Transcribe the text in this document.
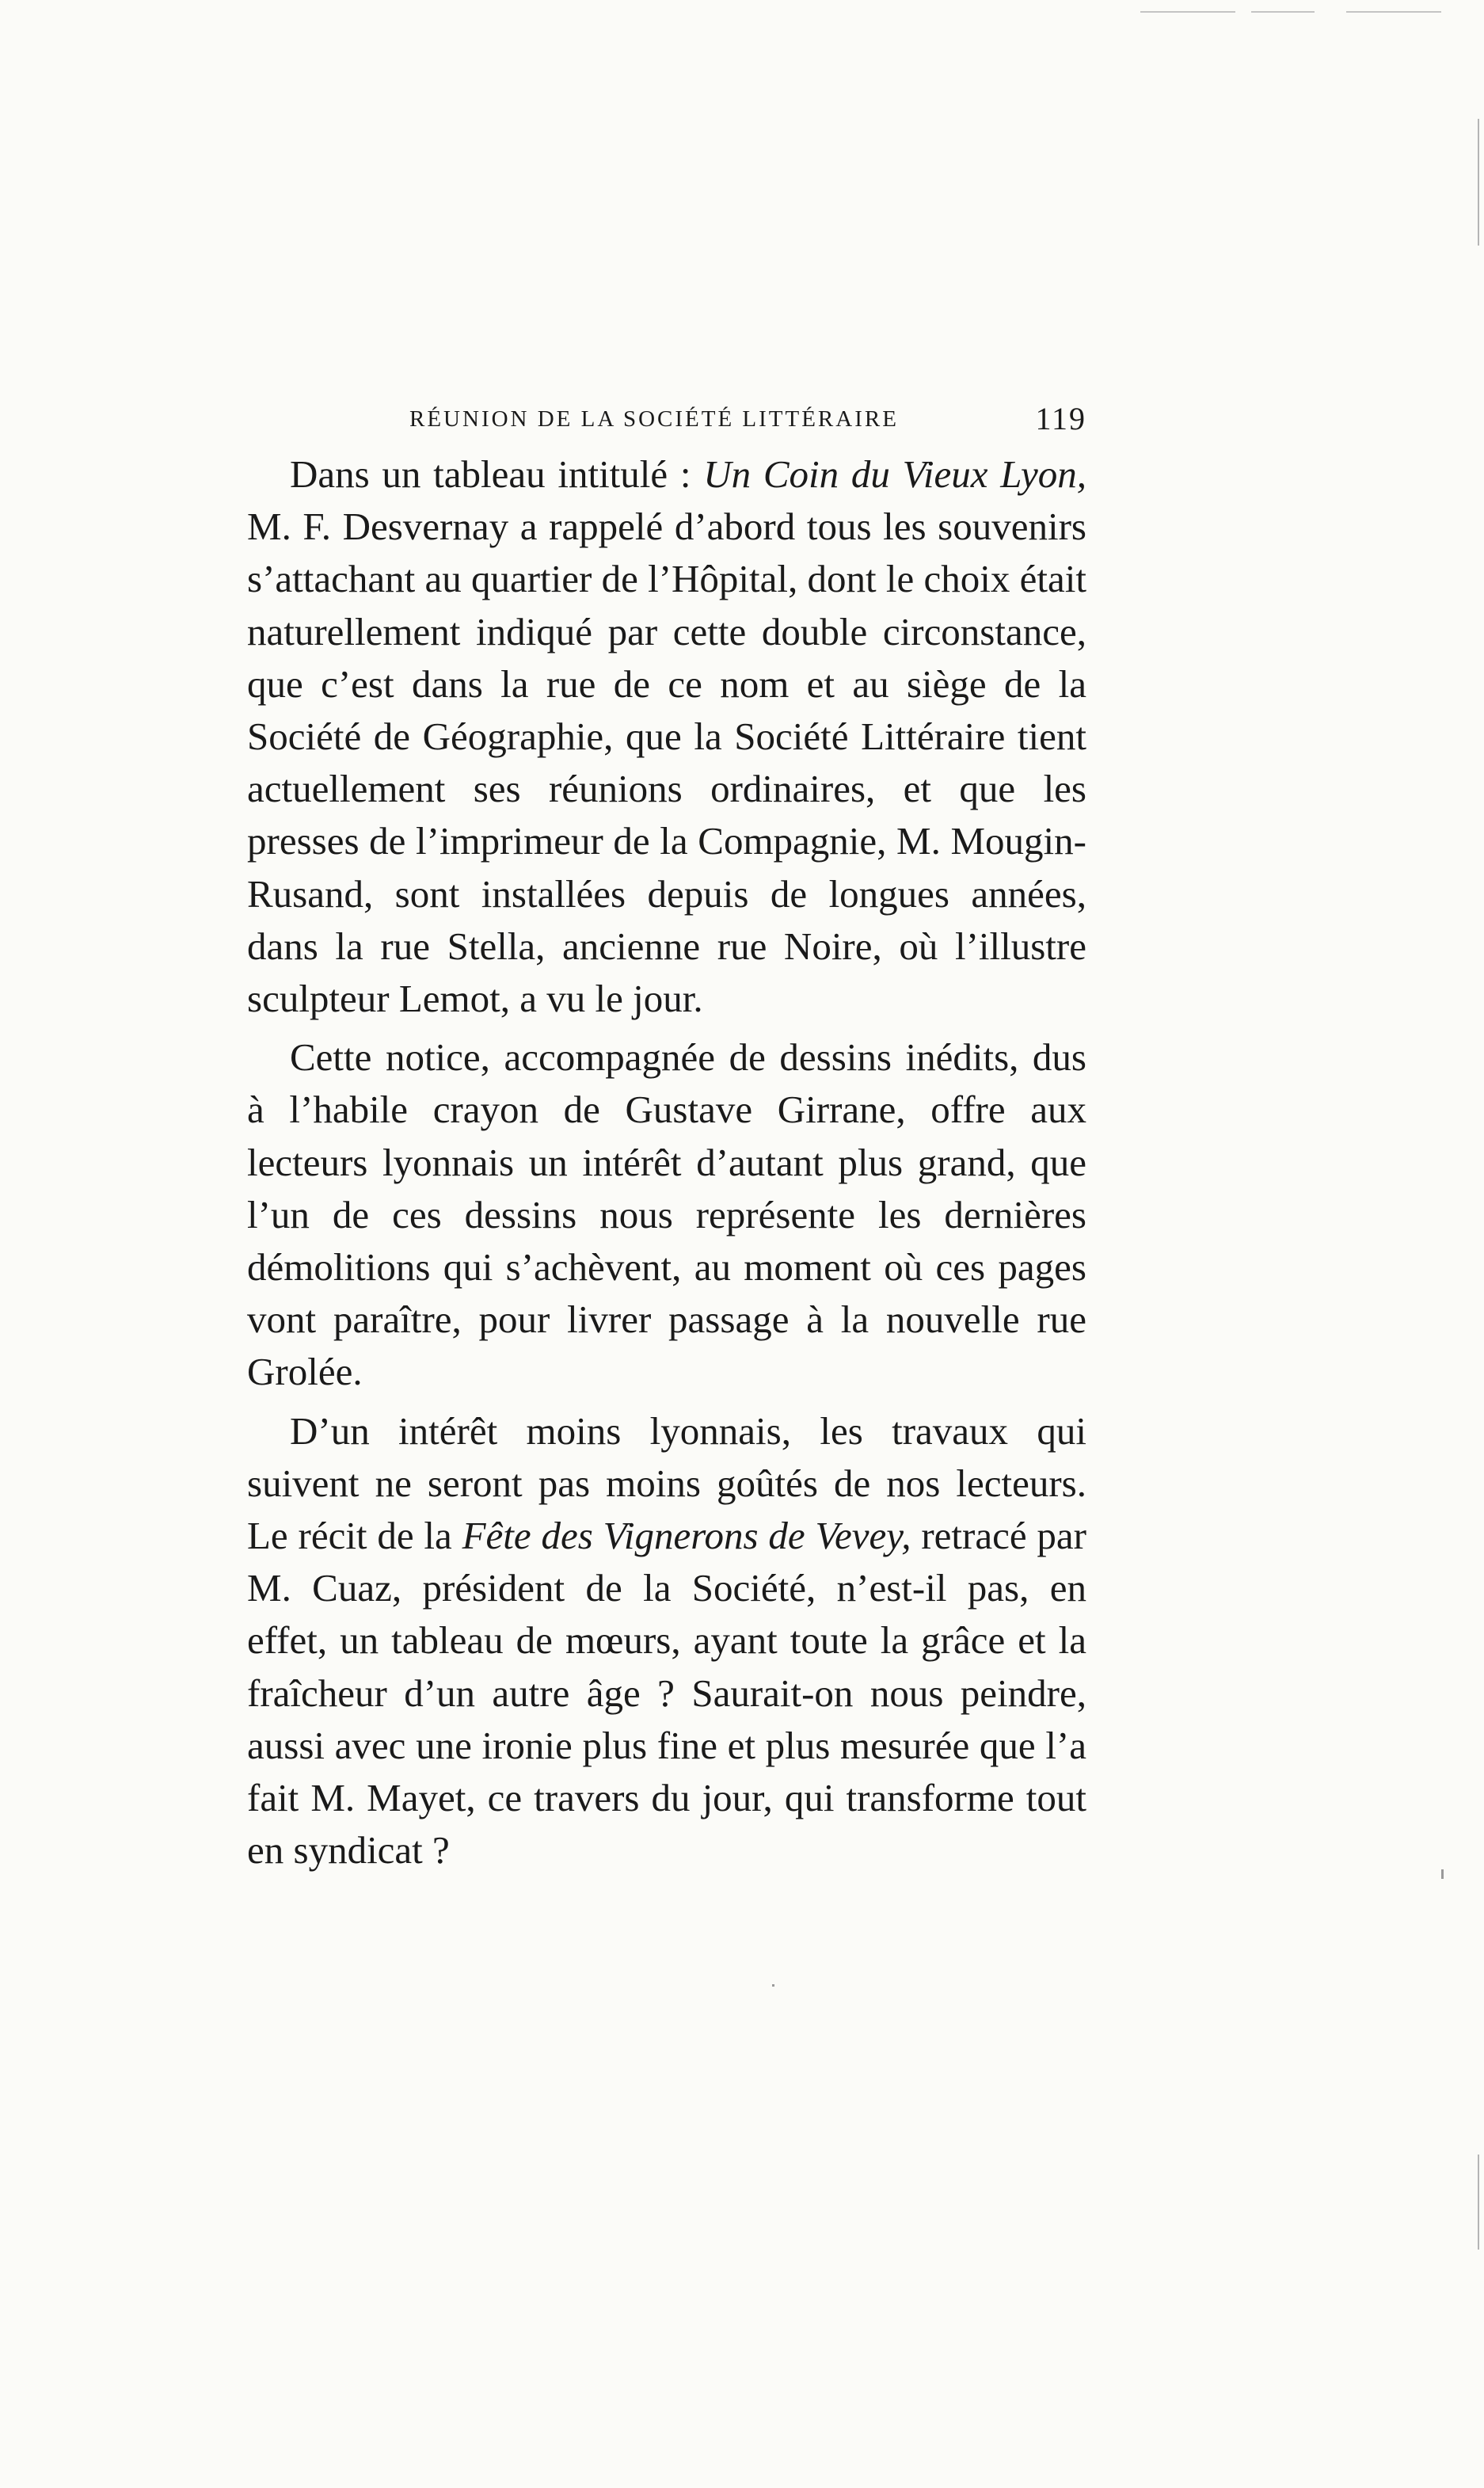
RÉUNION DE LA SOCIÉTÉ LITTÉRAIRE	119

Dans un tableau intitulé : Un Coin du Vieux Lyon, M. F. Desvernay a rappelé d’abord tous les souvenirs s’attachant au quartier de l’Hôpital, dont le choix était naturellement indiqué par cette double circonstance, que c’est dans la rue de ce nom et au siège de la Société de Géographie, que la Société Littéraire tient actuellement ses réunions ordinaires, et que les presses de l’imprimeur de la Compagnie, M. Mougin-Rusand, sont installées depuis de longues années, dans la rue Stella, ancienne rue Noire, où l’illustre sculpteur Lemot, a vu le jour.

Cette notice, accompagnée de dessins inédits, dus à l’habile crayon de Gustave Girrane, offre aux lecteurs lyonnais un intérêt d’autant plus grand, que l’un de ces dessins nous représente les dernières démolitions qui s’achèvent, au moment où ces pages vont paraître, pour livrer passage à la nouvelle rue Grolée.

D’un intérêt moins lyonnais, les travaux qui suivent ne seront pas moins goûtés de nos lecteurs. Le récit de la Fête des Vignerons de Vevey, retracé par M. Cuaz, président de la Société, n’est-il pas, en effet, un tableau de mœurs, ayant toute la grâce et la fraîcheur d’un autre âge ? Saurait-on nous peindre, aussi avec une ironie plus fine et plus mesurée que l’a fait M. Mayet, ce travers du jour, qui transforme tout en syndicat ?
